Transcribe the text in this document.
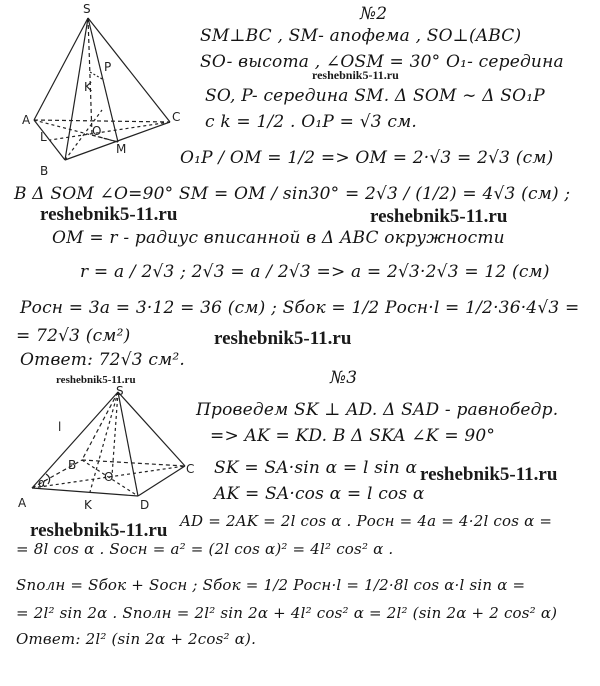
S
A	C
B
M
O
L
K
P
№2
SM⊥BC , SM- апофема , SO⊥(ABC)
SO- высота , ∠OSM = 30° O₁- середина
SO, P- середина SM. Δ SOM ∼ Δ SO₁P
с k = 1/2 . O₁P = √3 см.
O₁P / OM = 1/2 => OM = 2·√3 = 2√3 (см)
В Δ SOM ∠O=90° SM = OM / sin30° = 2√3 / (1/2) = 4√3 (см) ;
OM = r - радиус вписанной в Δ ABC окружности
r = a / 2√3 ; 2√3 = a / 2√3 => a = 2√3·2√3 = 12 (см)
Pосн = 3a = 3·12 = 36 (см) ; Sбок = 1/2 Pосн·l = 1/2·36·4√3 =
= 72√3 (см²)
Ответ: 72√3 см².
S
l
B	C
A	K
O
D
α
№3
Проведем SK ⊥ AD. Δ SAD - равнобедр.
=> AK = KD. В Δ SKA ∠K = 90°
SK = SA·sin α = l sin α
AK = SA·cos α = l cos α
AD = 2AK = 2l cos α . Pосн = 4a = 4·2l cos α =
= 8l cos α . Sосн = a² = (2l cos α)² = 4l² cos² α .
Sполн = Sбок + Sосн ; Sбок = 1/2 Pосн·l = 1/2·8l cos α·l sin α =
= 2l² sin 2α . Sполн = 2l² sin 2α + 4l² cos² α = 2l² (sin 2α + 2 cos² α)
Ответ: 2l² (sin 2α + 2cos² α).
reshebnik5-11.ru
reshebnik5-11.ru	reshebnik5-11.ru
reshebnik5-11.ru
reshebnik5-11.ru
reshebnik5-11.ru
reshebnik5-11.ru
